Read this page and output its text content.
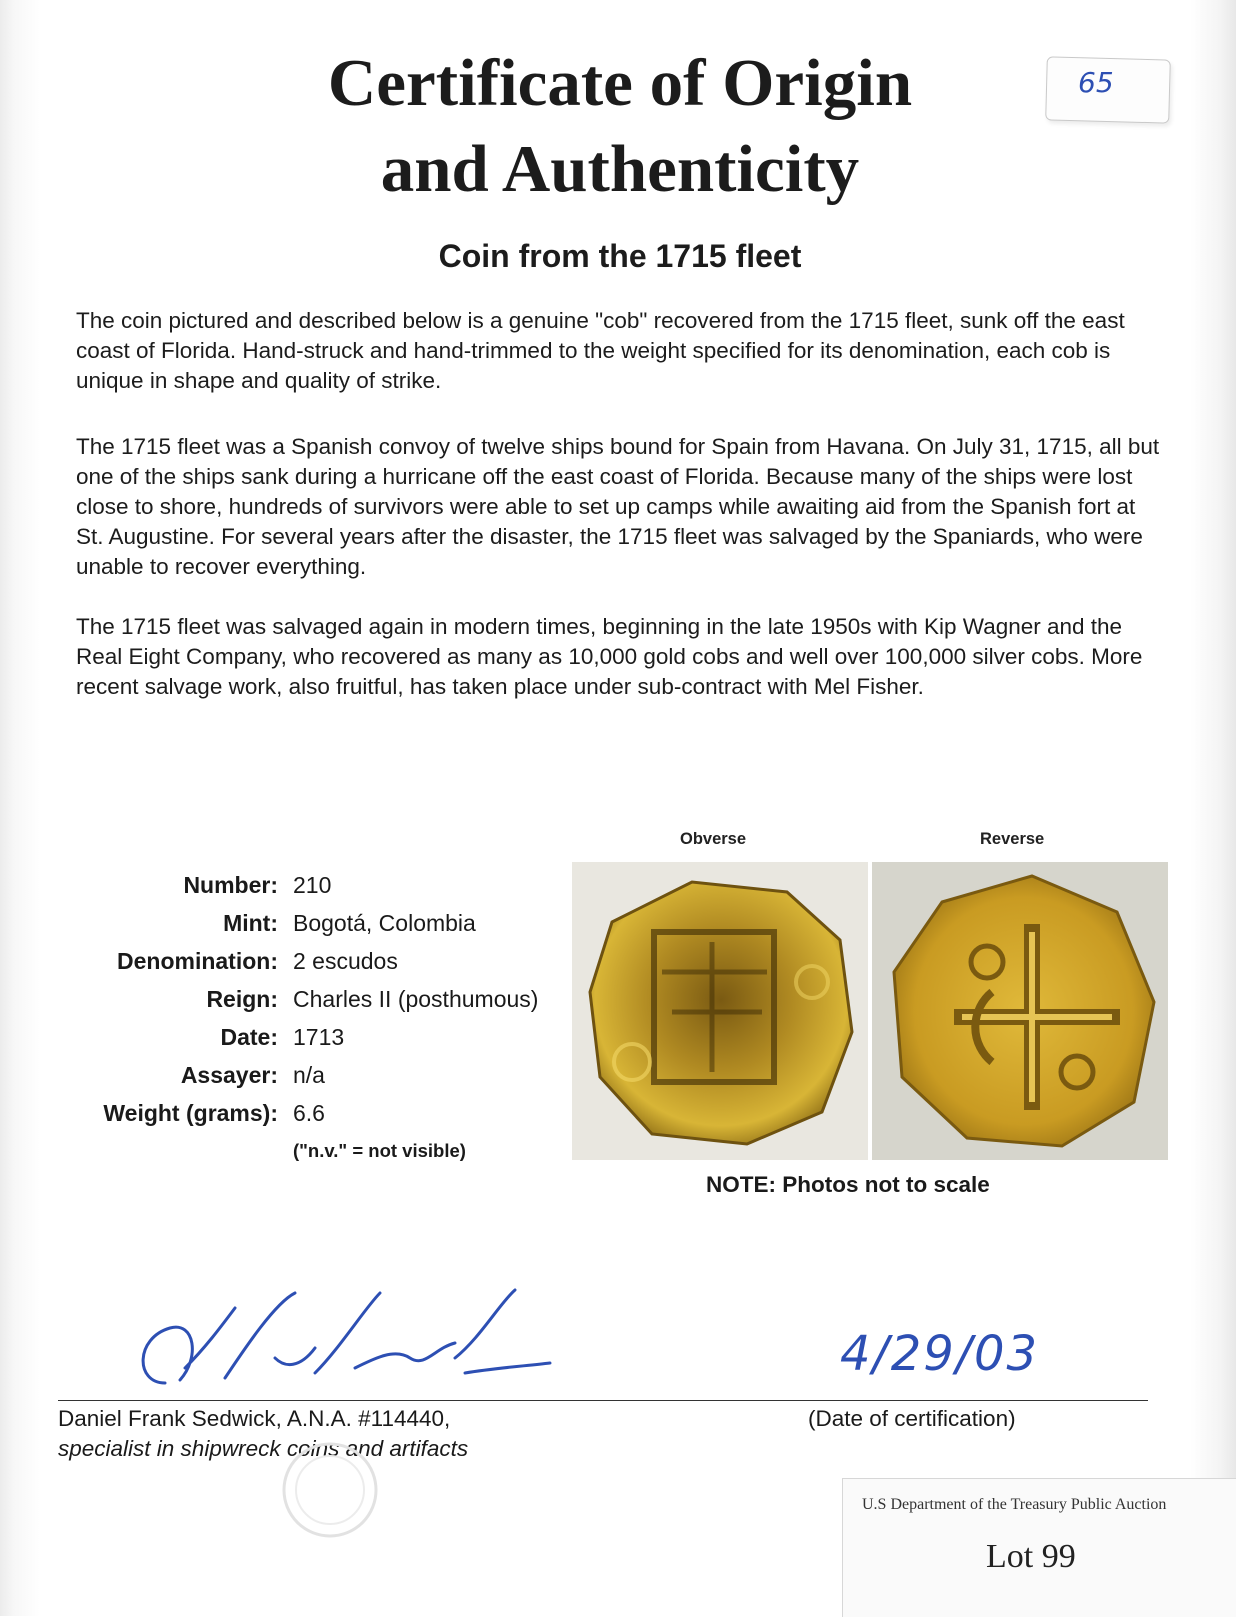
Certificate of Origin
and Authenticity
65
Coin from the 1715 fleet

The coin pictured and described below is a genuine "cob" recovered from the 1715 fleet, sunk off the east coast of Florida. Hand-struck and hand-trimmed to the weight specified for its denomination, each cob is unique in shape and quality of strike.

The 1715 fleet was a Spanish convoy of twelve ships bound for Spain from Havana. On July 31, 1715, all but one of the ships sank during a hurricane off the east coast of Florida. Because many of the ships were lost close to shore, hundreds of survivors were able to set up camps while awaiting aid from the Spanish fort at St. Augustine. For several years after the disaster, the 1715 fleet was salvaged by the Spaniards, who were unable to recover everything.

The 1715 fleet was salvaged again in modern times, beginning in the late 1950s with Kip Wagner and the Real Eight Company, who recovered as many as 10,000 gold cobs and well over 100,000 silver cobs. More recent salvage work, also fruitful, has taken place under sub-contract with Mel Fisher.

Number: 210
Mint: Bogotá, Colombia
Denomination: 2 escudos
Reign: Charles II (posthumous)
Date: 1713
Assayer: n/a
Weight (grams): 6.6
("n.v." = not visible)
Obverse	Reverse
NOTE: Photos not to scale
4/29/03
Daniel Frank Sedwick, A.N.A. #114440,
specialist in shipwreck coins and artifacts
(Date of certification)
U.S Department of the Treasury Public Auction
Lot 99
